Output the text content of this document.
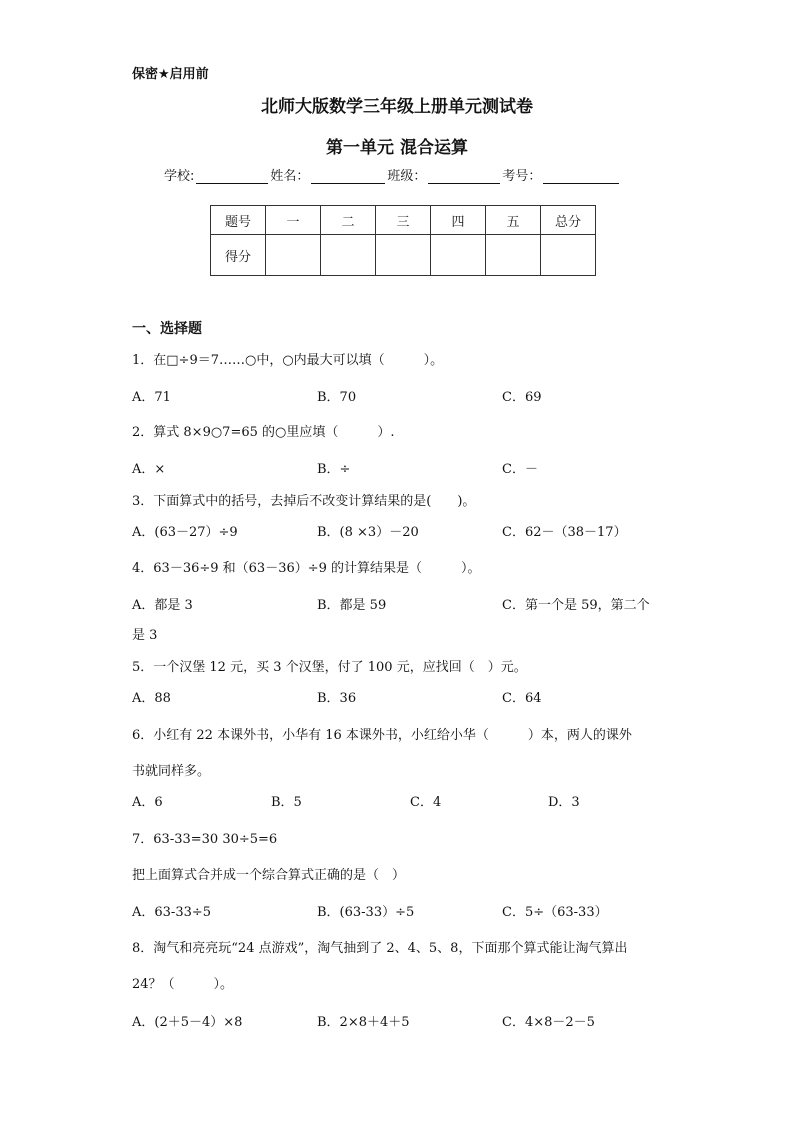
保密★启用前
北师大版数学三年级上册单元测试卷
第一单元 混合运算
学校:	姓名：	班级：	考号：
题号	一	二	三	四	五	总分
得分						
一、选择题
1．在□÷9＝7……○中，○内最大可以填（　　　）。
A．71	B．70	C．69
2．算式 8×9○7=65 的○里应填（　　　）.
A．×	B．÷	C．－
3．下面算式中的括号，去掉后不改变计算结果的是(　　)。
A．(63－27）÷9	B．(8 ×3）－20	C．62－（38－17）
4．63－36÷9 和（63－36）÷9 的计算结果是（　　　）。
A．都是 3	B．都是 59	C．第一个是 59，第二个
是 3
5．一个汉堡 12 元，买 3 个汉堡，付了 100 元，应找回（　）元。
A．88	B．36	C．64
6．小红有 22 本课外书，小华有 16 本课外书，小红给小华（　　　）本，两人的课外
书就同样多。
A．6	B．5	C．4	D．3
7．63-33=30 30÷5=6
把上面算式合并成一个综合算式正确的是（　）
A．63-33÷5	B．(63-33）÷5	C．5÷（63-33）
8．淘气和亮亮玩“24 点游戏”，淘气抽到了 2、4、5、8，下面那个算式能让淘气算出
24？（　　　）。
A．(2＋5－4）×8	B．2×8＋4＋5	C．4×8－2－5
